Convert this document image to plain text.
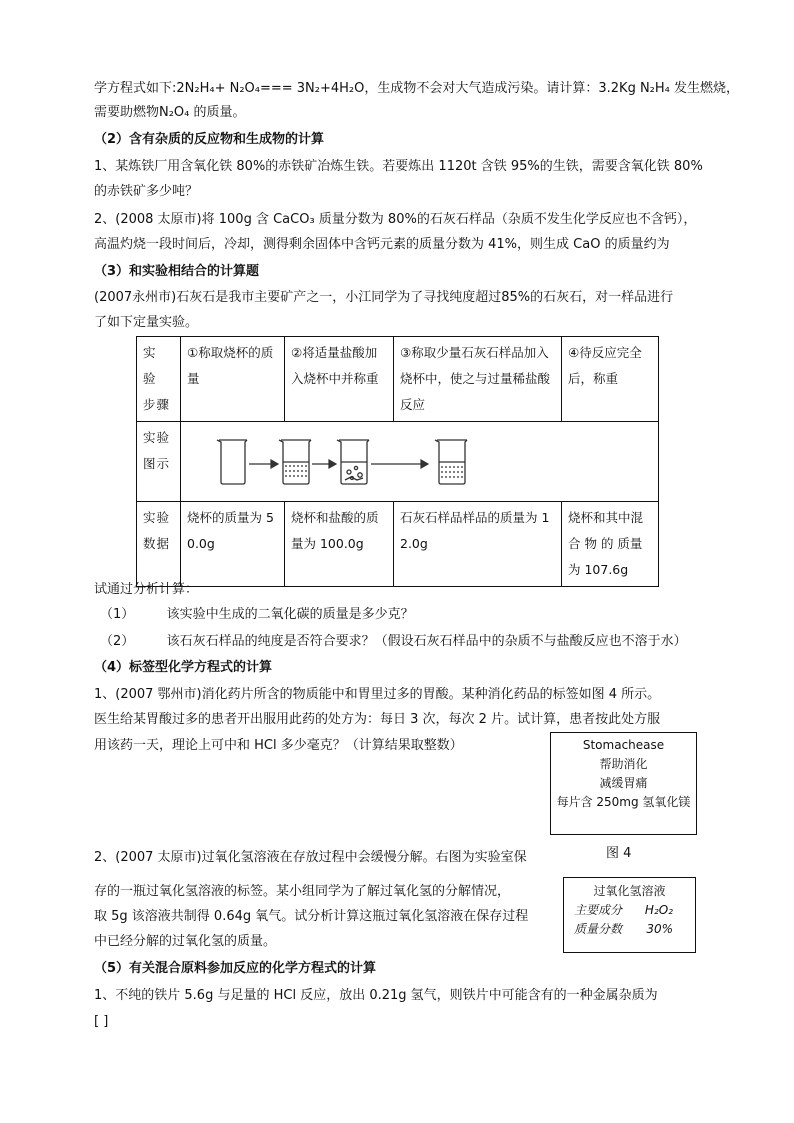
学方程式如下:2N₂H₄+ N₂O₄=== 3N₂+4H₂O，生成物不会对大气造成污染。请计算：3.2Kg N₂H₄ 发生燃烧，
需要助燃物N₂O₄ 的质量。
（2）含有杂质的反应物和生成物的计算
1、某炼铁厂用含氧化铁 80%的赤铁矿冶炼生铁。若要炼出 1120t 含铁 95%的生铁，需要含氧化铁 80%
的赤铁矿多少吨？
2、(2008 太原市)将 100g 含 CaCO₃ 质量分数为 80%的石灰石样品（杂质不发生化学反应也不含钙），
高温灼烧一段时间后，冷却，测得剩余固体中含钙元素的质量分数为 41%，则生成 CaO 的质量约为
（3）和实验相结合的计算题
(2007永州市)石灰石是我市主要矿产之一，小江同学为了寻找纯度超过85%的石灰石，对一样品进行
了如下定量实验。
实 验 步骤	①称取烧杯的质量	②将适量盐酸加入烧杯中并称重	③称取少量石灰石样品加入烧杯中，使之与过量稀盐酸反应	④待反应完全后，称重
实验 图示	

实验 数据	烧杯的质量为 50.0g	烧杯和盐酸的质量为 100.0g	石灰石样品样品的质量为 12.0g	烧杯和其中混 合 物 的 质量为 107.6g
试通过分析计算：
（1） 该实验中生成的二氧化碳的质量是多少克？
（2） 该石灰石样品的纯度是否符合要求？（假设石灰石样品中的杂质不与盐酸反应也不溶于水）
（4）标签型化学方程式的计算
1、(2007 鄂州市)消化药片所含的物质能中和胃里过多的胃酸。某种消化药品的标签如图 4 所示。
医生给某胃酸过多的患者开出服用此药的处方为：每日 3 次，每次 2 片。试计算，患者按此处方服
用该药一天，理论上可中和 HCl 多少毫克？（计算结果取整数）	Stomachease
帮助消化
减缓胃痛
每片含 250mg 氢氧化镁
图 4
2、(2007 太原市)过氧化氢溶液在存放过程中会缓慢分解。右图为实验室保
存的一瓶过氧化氢溶液的标签。某小组同学为了解过氧化氢的分解情况，
取 5g 该溶液共制得 0.64g 氧气。试分析计算这瓶过氧化氢溶液在保存过程
中已经分解的过氧化氢的质量。
过氧化氢溶液
主要成分 H₂O₂
质量分数 30%
（5）有关混合原料参加反应的化学方程式的计算
1、不纯的铁片 5.6g 与足量的 HCl 反应，放出 0.21g 氢气，则铁片中可能含有的一种金属杂质为
[ ]
